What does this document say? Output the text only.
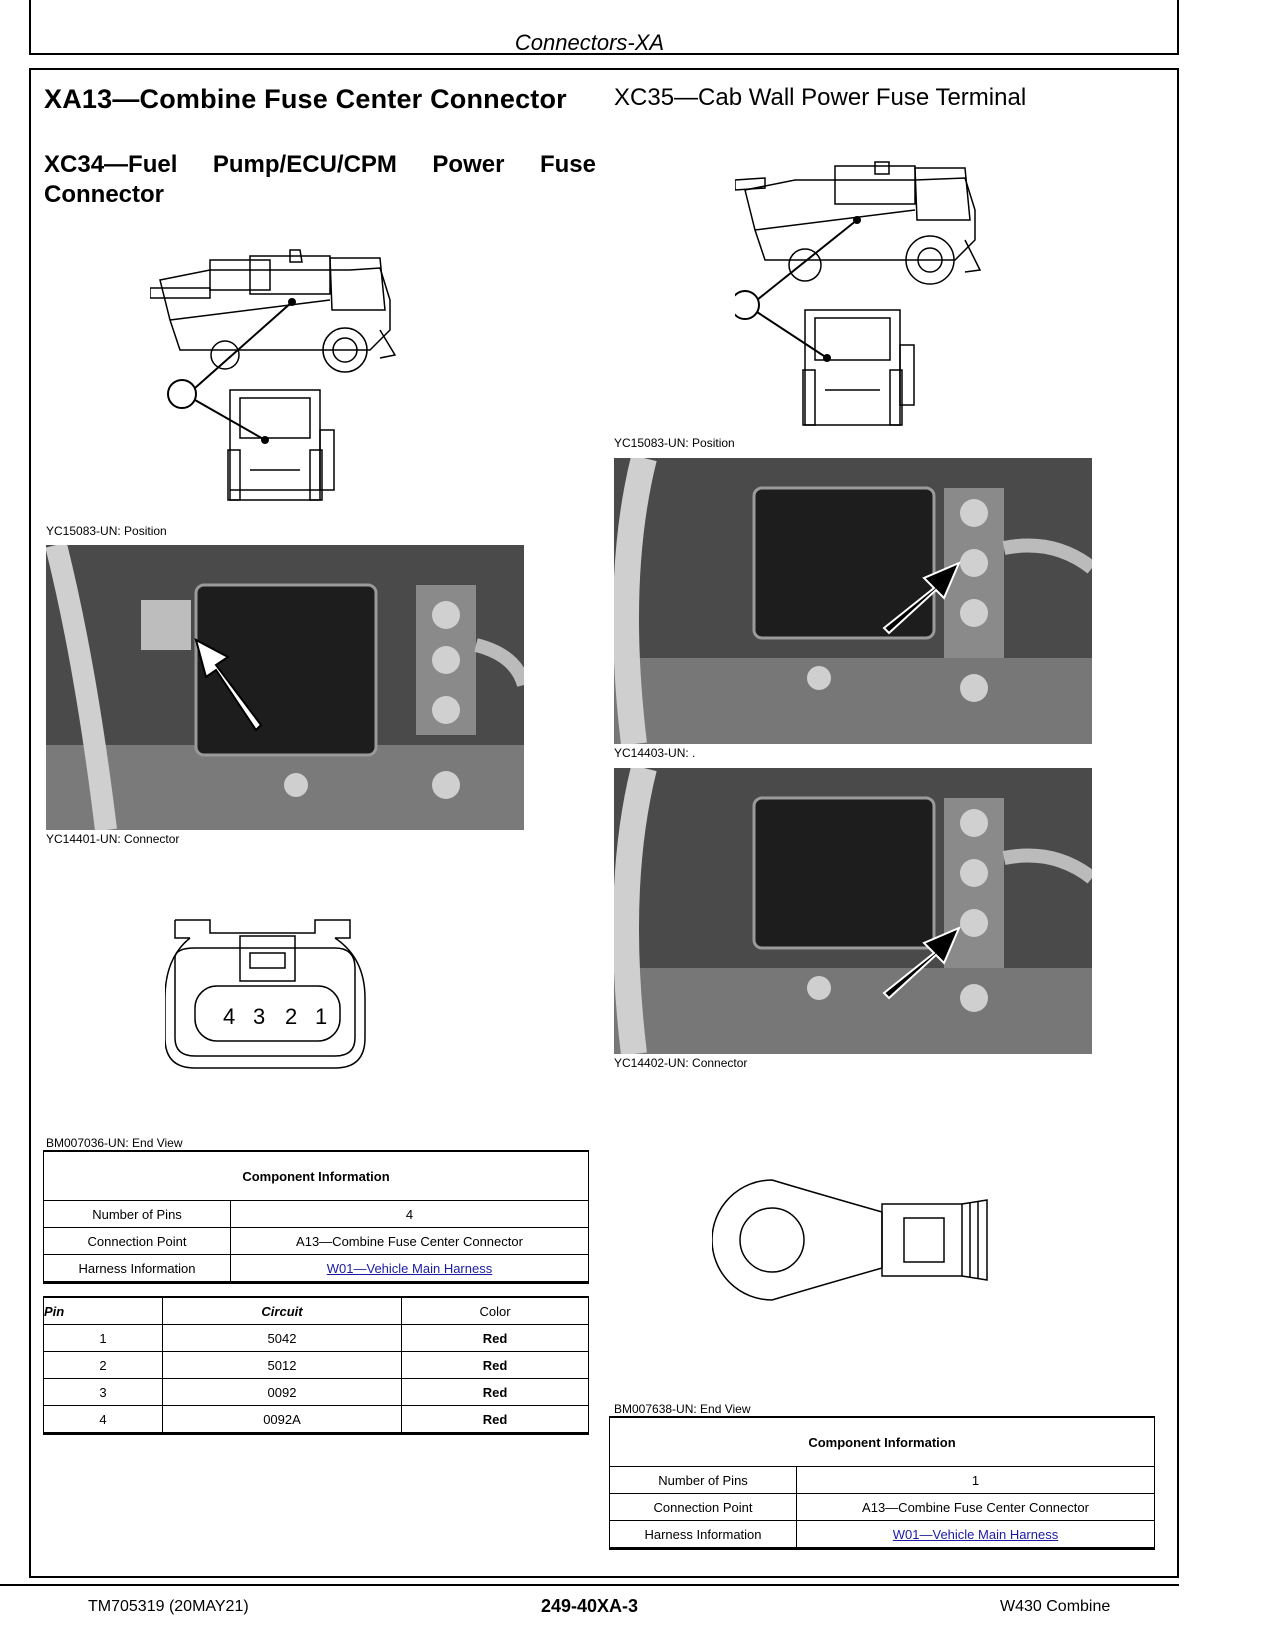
Connectors-XA
XA13—Combine Fuse Center Connector XC35—Cab Wall Power Fuse Terminal
XC34—Fuel Pump/ECU/CPM Power Fuse
Connector
YC15083-UN: Position
YC14401-UN: Connector
4 3 2 1
BM007036-UN: End View
Component Information	
Number of Pins	4
Connection Point	A13—Combine Fuse Center Connector
Harness Information	W01—Vehicle Main Harness
Pin	Circuit	Color
1	5042	Red
2	5012	Red
3	0092	Red
4	0092A	Red
YC15083-UN: Position
YC14403-UN: .
YC14402-UN: Connector
BM007638-UN: End View
Component Information	
Number of Pins	1
Connection Point	A13—Combine Fuse Center Connector
Harness Information	W01—Vehicle Main Harness
TM705319 (20MAY21)	249-40XA-3	W430 Combine
